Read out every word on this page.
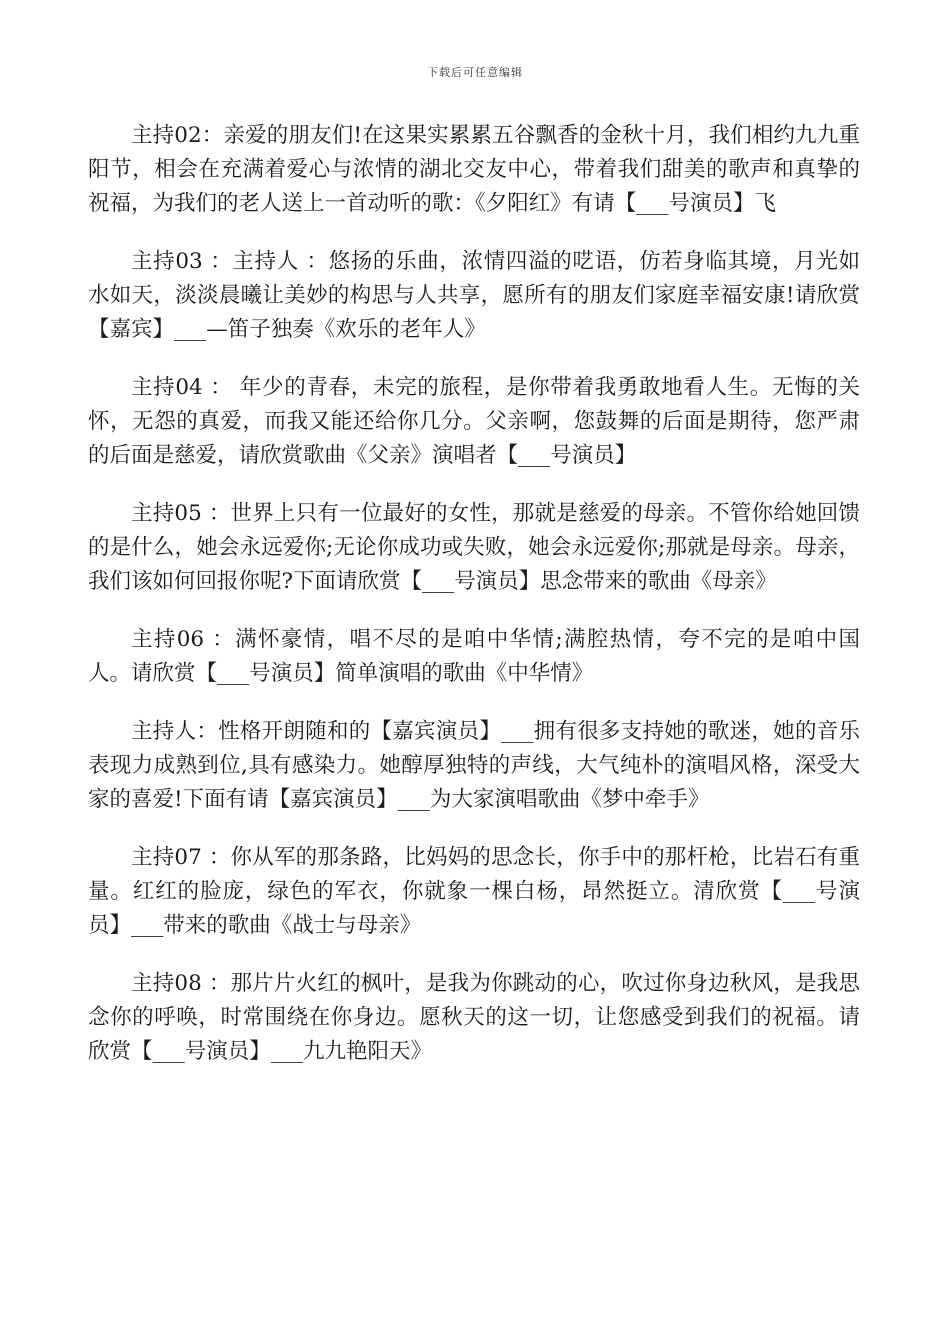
下载后可任意编辑

主持02：亲爱的朋友们!在这果实累累五谷飘香的金秋十月，我们相约九九重阳节，相会在充满着爱心与浓情的湖北交友中心，带着我们甜美的歌声和真挚的祝福，为我们的老人送上一首动听的歌：《夕阳红》有请【___号演员】飞

主持03 ：主持人 ：悠扬的乐曲，浓情四溢的呓语，仿若身临其境，月光如水如天，淡淡晨曦让美妙的构思与人共享，愿所有的朋友们家庭幸福安康!请欣赏【嘉宾】___—笛子独奏《欢乐的老年人》

主持04 ： 年少的青春，未完的旅程，是你带着我勇敢地看人生。无悔的关怀，无怨的真爱，而我又能还给你几分。父亲啊，您鼓舞的后面是期待，您严肃的后面是慈爱，请欣赏歌曲《父亲》演唱者【___号演员】

主持05 ：世界上只有一位最好的女性，那就是慈爱的母亲。不管你给她回馈的是什么，她会永远爱你;无论你成功或失败，她会永远爱你;那就是母亲。母亲，我们该如何回报你呢?下面请欣赏【___号演员】思念带来的歌曲《母亲》

主持06 ：满怀豪情，唱不尽的是咱中华情;满腔热情，夸不完的是咱中国人。请欣赏【___号演员】简单演唱的歌曲《中华情》

主持人：性格开朗随和的【嘉宾演员】___拥有很多支持她的歌迷，她的音乐表现力成熟到位,具有感染力。她醇厚独特的声线，大气纯朴的演唱风格，深受大家的喜爱!下面有请【嘉宾演员】___为大家演唱歌曲《梦中牵手》

主持07 ：你从军的那条路，比妈妈的思念长，你手中的那杆枪，比岩石有重量。红红的脸庞，绿色的军衣，你就象一棵白杨，昂然挺立。清欣赏【___号演员】___带来的歌曲《战士与母亲》

主持08 ：那片片火红的枫叶，是我为你跳动的心，吹过你身边秋风，是我思念你的呼唤，时常围绕在你身边。愿秋天的这一切，让您感受到我们的祝福。请欣赏【___号演员】___九九艳阳天》
